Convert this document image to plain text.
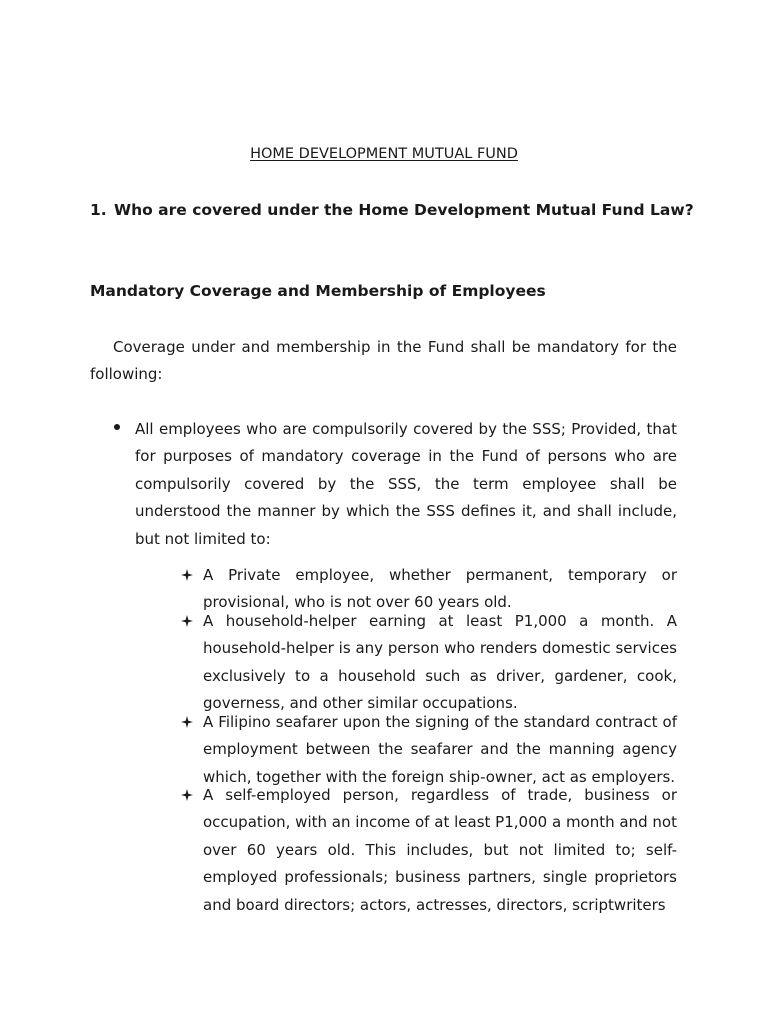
HOME DEVELOPMENT MUTUAL FUND
1. Who are covered under the Home Development Mutual Fund Law?
Mandatory Coverage and Membership of Employees

Coverage under and membership in the Fund shall be mandatory for the following:

All employees who are compulsorily covered by the SSS; Provided, that for purposes of mandatory coverage in the Fund of persons who are compulsorily covered by the SSS, the term employee shall be understood the manner by which the SSS defines it, and shall include, but not limited to:

A Private employee, whether permanent, temporary or provisional, who is not over 60 years old.

A household-helper earning at least P1,000 a month. A household-helper is any person who renders domestic services exclusively to a household such as driver, gardener, cook, governess, and other similar occupations.

A Filipino seafarer upon the signing of the standard contract of employment between the seafarer and the manning agency which, together with the foreign ship-owner, act as employers.

A self-employed person, regardless of trade, business or occupation, with an income of at least P1,000 a month and not over 60 years old. This includes, but not limited to; self-employed professionals; business partners, single proprietors and board directors; actors, actresses, directors, scriptwriters
